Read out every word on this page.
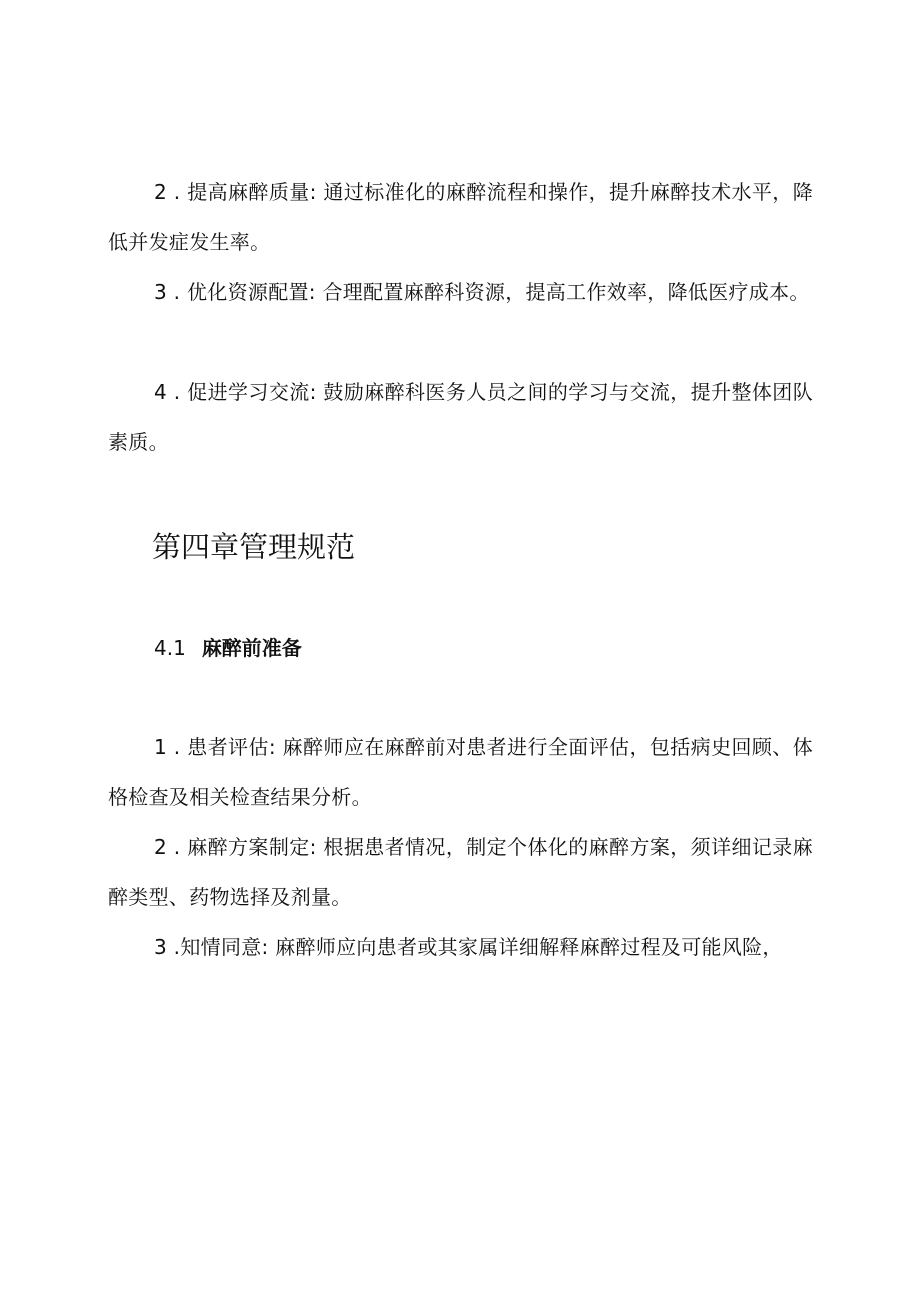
2 . 提高麻醉质量: 通过标准化的麻醉流程和操作，提升麻醉技术水平，降低并发症发生率。

3 . 优化资源配置: 合理配置麻醉科资源，提高工作效率，降低医疗成本。

4 . 促进学习交流: 鼓励麻醉科医务人员之间的学习与交流，提升整体团队素质。

第四章管理规范
4.1 麻醉前准备

1 . 患者评估: 麻醉师应在麻醉前对患者进行全面评估，包括病史回顾、体格检查及相关检查结果分析。

2 . 麻醉方案制定: 根据患者情况，制定个体化的麻醉方案，须详细记录麻醉类型、药物选择及剂量。

3 .知情同意: 麻醉师应向患者或其家属详细解释麻醉过程及可能风险，
